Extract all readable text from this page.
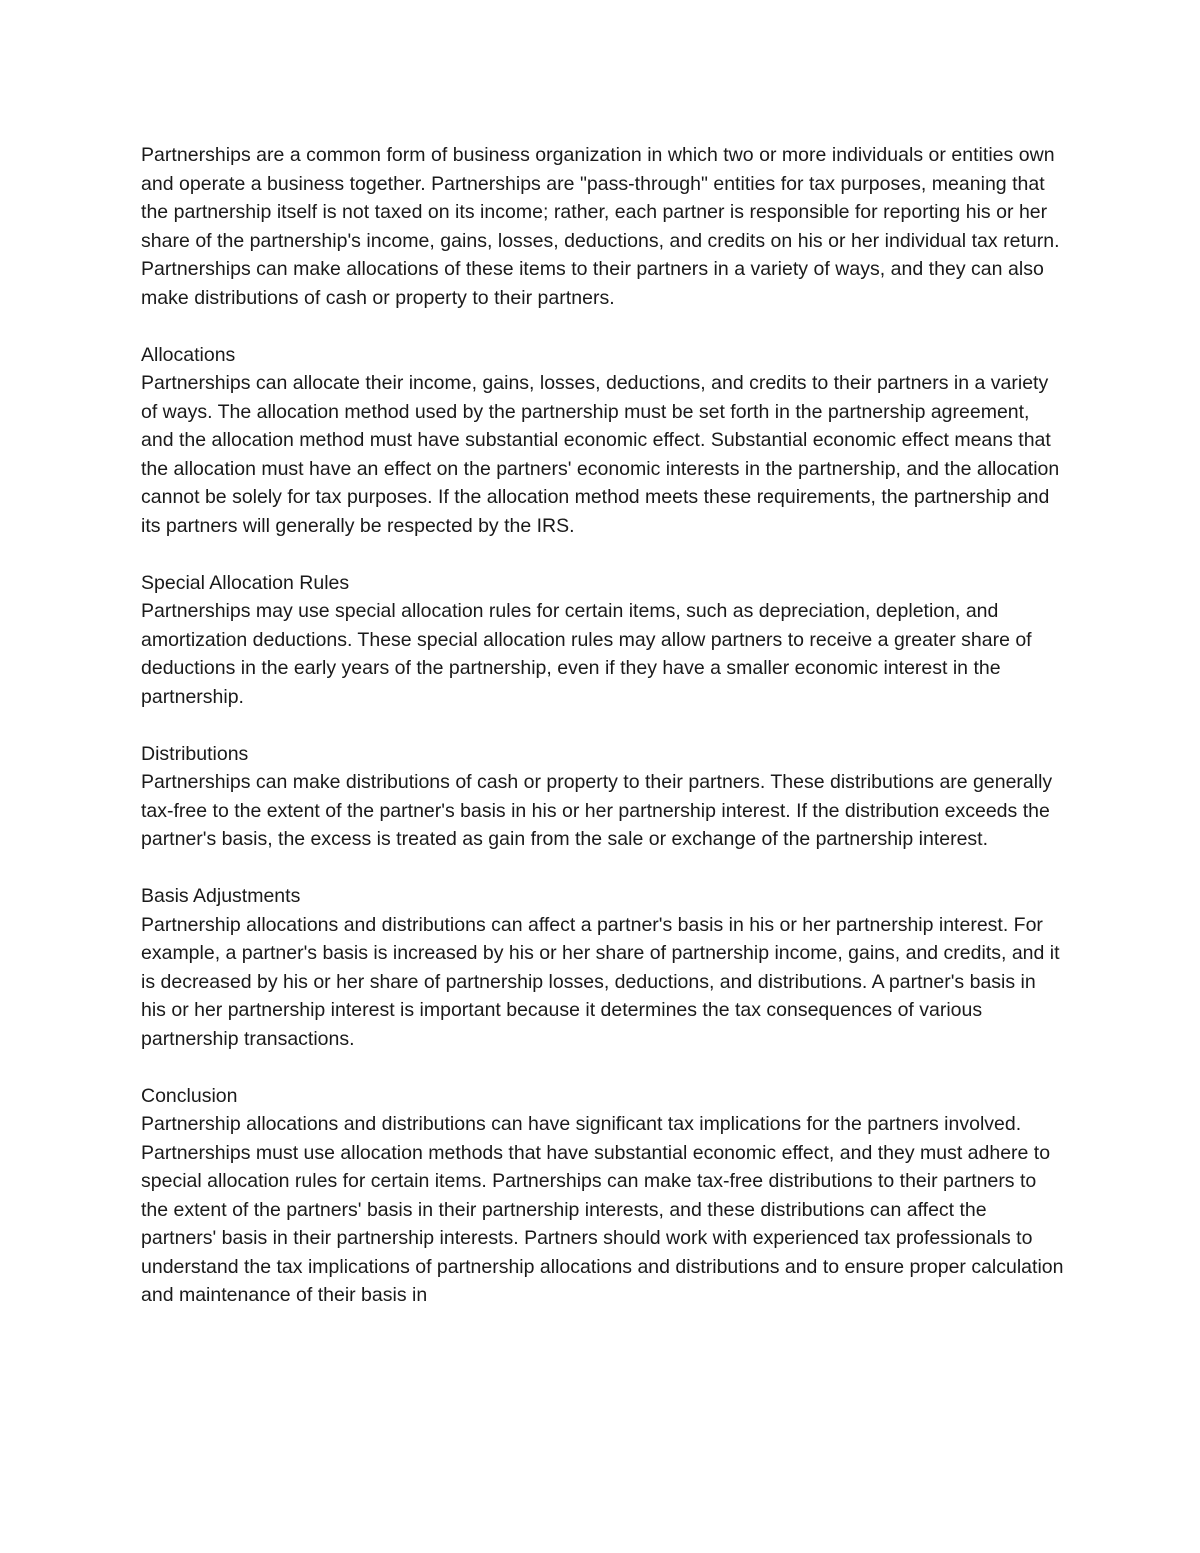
Partnerships are a common form of business organization in which two or more individuals or entities own and operate a business together. Partnerships are "pass-through" entities for tax purposes, meaning that the partnership itself is not taxed on its income; rather, each partner is responsible for reporting his or her share of the partnership's income, gains, losses, deductions, and credits on his or her individual tax return. Partnerships can make allocations of these items to their partners in a variety of ways, and they can also make distributions of cash or property to their partners.

Allocations

Partnerships can allocate their income, gains, losses, deductions, and credits to their partners in a variety of ways. The allocation method used by the partnership must be set forth in the partnership agreement, and the allocation method must have substantial economic effect. Substantial economic effect means that the allocation must have an effect on the partners' economic interests in the partnership, and the allocation cannot be solely for tax purposes. If the allocation method meets these requirements, the partnership and its partners will generally be respected by the IRS.

Special Allocation Rules

Partnerships may use special allocation rules for certain items, such as depreciation, depletion, and amortization deductions. These special allocation rules may allow partners to receive a greater share of deductions in the early years of the partnership, even if they have a smaller economic interest in the partnership.

Distributions

Partnerships can make distributions of cash or property to their partners. These distributions are generally tax-free to the extent of the partner's basis in his or her partnership interest. If the distribution exceeds the partner's basis, the excess is treated as gain from the sale or exchange of the partnership interest.

Basis Adjustments

Partnership allocations and distributions can affect a partner's basis in his or her partnership interest. For example, a partner's basis is increased by his or her share of partnership income, gains, and credits, and it is decreased by his or her share of partnership losses, deductions, and distributions. A partner's basis in his or her partnership interest is important because it determines the tax consequences of various partnership transactions.

Conclusion

Partnership allocations and distributions can have significant tax implications for the partners involved. Partnerships must use allocation methods that have substantial economic effect, and they must adhere to special allocation rules for certain items. Partnerships can make tax-free distributions to their partners to the extent of the partners' basis in their partnership interests, and these distributions can affect the partners' basis in their partnership interests. Partners should work with experienced tax professionals to understand the tax implications of partnership allocations and distributions and to ensure proper calculation and maintenance of their basis in
